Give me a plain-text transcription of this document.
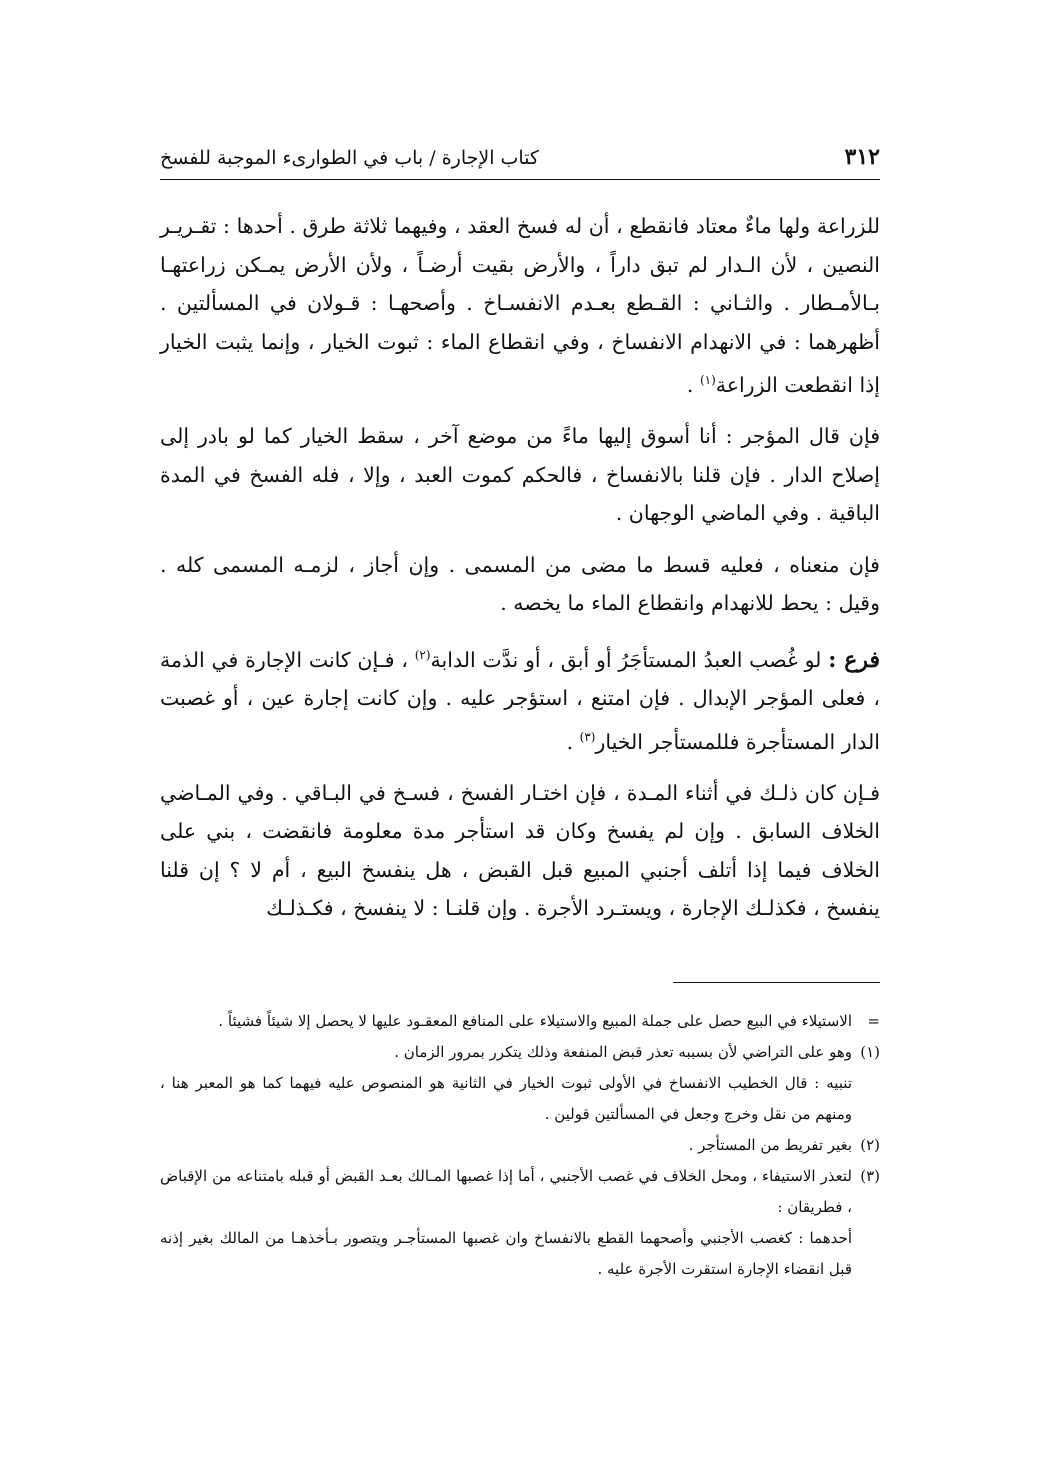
٣١٢
كتاب الإجارة / باب في الطوارىء الموجبة للفسخ

للزراعة ولها ماءٌ معتاد فانقطع ، أن له فسخ العقد ، وفيهما ثلاثة طرق . أحدها : تقـريـر النصين ، لأن الـدار لم تبق داراً ، والأرض بقيت أرضـاً ، ولأن الأرض يمـكن زراعتهـا بـالأمـطار . والثـاني : القـطع بعـدم الانفسـاخ . وأصحهـا : قـولان في المسألتين . أظهرهما : في الانهدام الانفساخ ، وفي انقطاع الماء : ثبوت الخيار ، وإنما يثبت الخيار إذا انقطعت الزراعة$^{(١)}$ .

فإن قال المؤجر : أنا أسوق إليها ماءً من موضع آخر ، سقط الخيار كما لو بادر إلى إصلاح الدار . فإن قلنا بالانفساخ ، فالحكم كموت العبد ، وإلا ، فله الفسخ في المدة الباقية . وفي الماضي الوجهان .

فإن منعناه ، فعليه قسط ما مضى من المسمى . وإن أجاز ، لزمـه المسمى كله . وقيل : يحط للانهدام وانقطاع الماء ما يخصه .

فرع : لو غُصب العبدُ المستأجَرُ أو أبق ، أو ندَّت الدابة$^{(٢)}$ ، فـإن كانت الإجارة في الذمة ، فعلى المؤجر الإبدال . فإن امتنع ، استؤجر عليه . وإن كانت إجارة عين ، أو غصبت الدار المستأجرة فللمستأجر الخيار$^{(٣)}$ .

فـإن كان ذلـك في أثناء المـدة ، فإن اختـار الفسخ ، فسـخ في البـاقي . وفي المـاضي الخلاف السابق . وإن لم يفسخ وكان قد استأجر مدة معلومة فانقضت ، بني على الخلاف فيما إذا أتلف أجنبي المبيع قبل القبض ، هل ينفسخ البيع ، أم لا ؟ إن قلنا ينفسخ ، فكذلـك الإجارة ، ويستـرد الأجرة . وإن قلنـا : لا ينفسخ ، فكـذلـك

=
الاستيلاء في البيع حصل على جملة المبيع والاستيلاء على المنافع المعقـود عليها لا يحصل إلا شيئاً فشيئاً .
(١)
وهو على التراضي لأن بسببه تعذر قبض المنفعة وذلك يتكرر بمرور الزمان .
تنبيه : قال الخطيب الانفساخ في الأولى ثبوت الخيار في الثانية هو المنصوص عليه فيهما كما هو المعبر هنا ، ومنهم من نقل وخرج وجعل في المسألتين قولين .
(٢)
بغير تفريط من المستأجر .
(٣)
لتعذر الاستيفاء ، ومحل الخلاف في غصب الأجنبي ، أما إذا غصبها المـالك بعـد القبض أو قبله بامتناعه من الإقباض ، فطريقان :
أحدهما : كغصب الأجنبي وأصحهما القطع بالانفساخ وان غصبها المستأجـر ويتصور بـأخذهـا من المالك بغير إذنه قبل انقضاء الإجارة استقرت الأجرة عليه .
